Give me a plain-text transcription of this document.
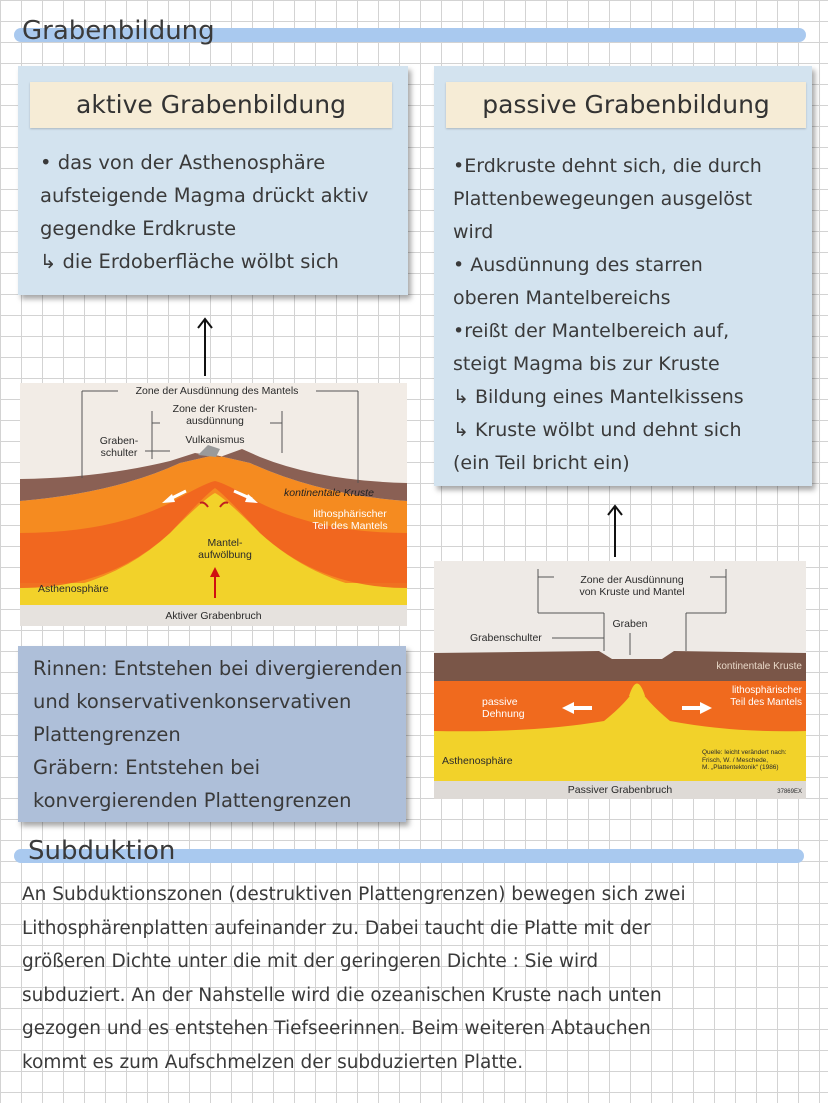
Grabenbildung
aktive Grabenbildung
• das von der Asthenosphäre
aufsteigende Magma drückt aktiv
gegendke Erdkruste
↳ die Erdoberfläche wölbt sich
Zone der Ausdünnung des Mantels
Zone der Krusten-
ausdünnung
Vulkanismus
Graben-
schulter
kontinentale Kruste
lithosphärischer
Teil des Mantels
Mantel-
aufwölbung
Asthenosphäre
Aktiver Grabenbruch
Rinnen: Entstehen bei divergierenden
und konservativenkonservativen
Plattengrenzen
Gräbern: Entstehen bei
konvergierenden Plattengrenzen
passive Grabenbildung
•Erdkruste dehnt sich, die durch
Plattenbewegeungen ausgelöst
wird
• Ausdünnung des starren
oberen Mantelbereichs
•reißt der Mantelbereich auf,
steigt Magma bis zur Kruste
↳ Bildung eines Mantelkissens
↳ Kruste wölbt und dehnt sich
(ein Teil bricht ein)
Zone der Ausdünnung
von Kruste und Mantel
Graben
Grabenschulter
kontinentale Kruste
lithosphärischer
Teil des Mantels
passive
Dehnung
Asthenosphäre
Quelle: leicht verändert nach:
Frisch, W. / Meschede,
M. „Plattentektonik“ (1986)
Passiver Grabenbruch	37869EX
Subduktion
An Subduktionszonen (destruktiven Plattengrenzen) bewegen sich zwei
Lithosphärenplatten aufeinander zu. Dabei taucht die Platte mit der
größeren Dichte unter die mit der geringeren Dichte : Sie wird
subduziert. An der Nahstelle wird die ozeanischen Kruste nach unten
gezogen und es entstehen Tiefseerinnen. Beim weiteren Abtauchen
kommt es zum Aufschmelzen der subduzierten Platte.
